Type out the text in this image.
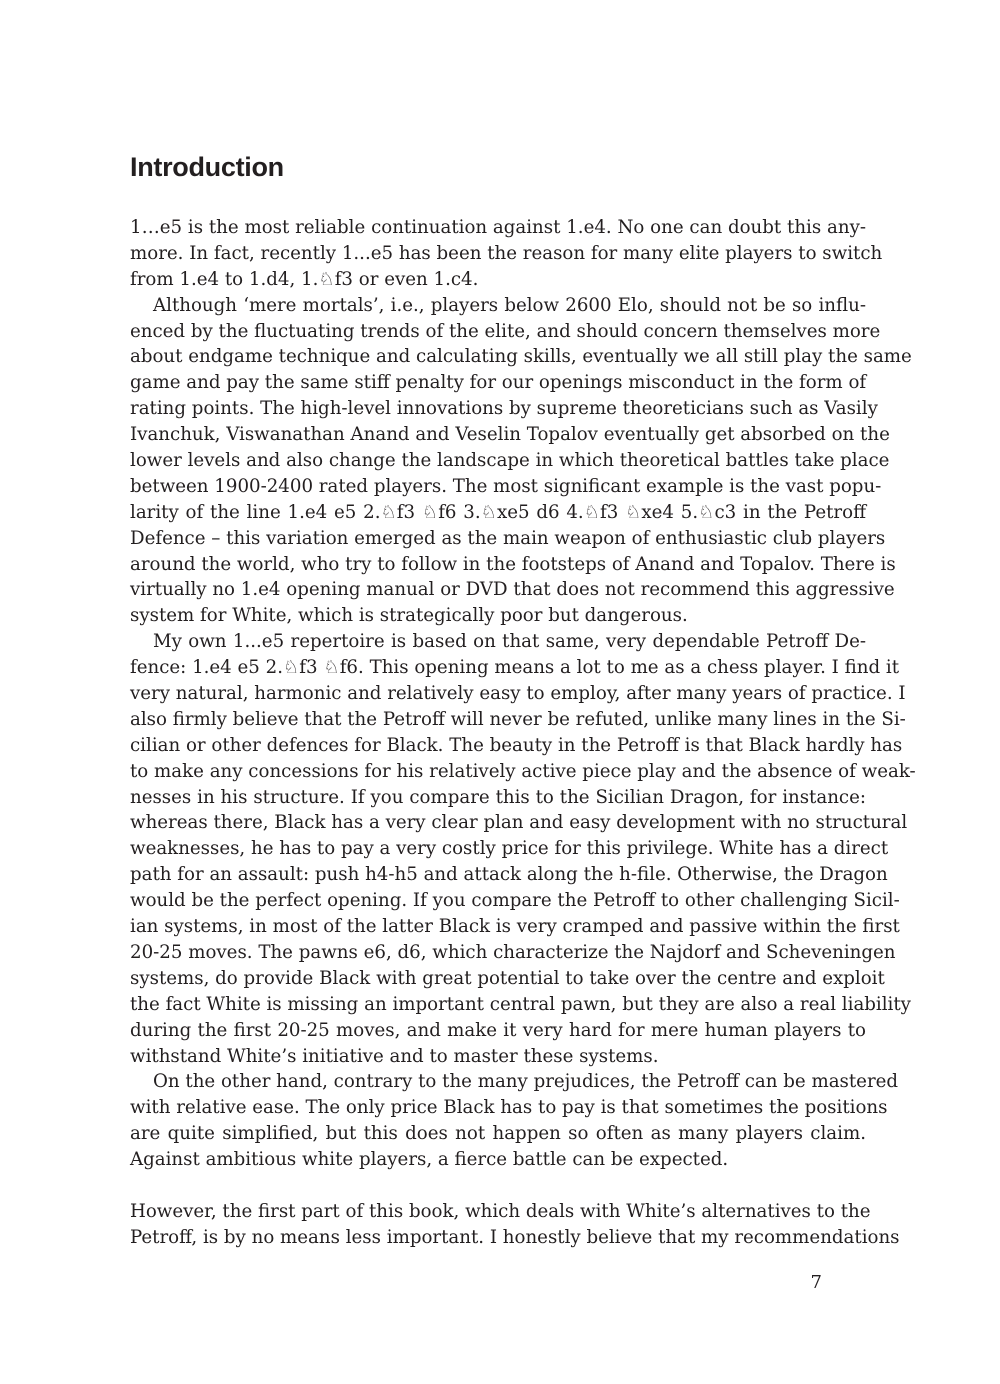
Introduction
1…e5 is the most reliable continuation against 1.e4. No one can doubt this any-
more. In fact, recently 1...e5 has been the reason for many elite players to switch
from 1.e4 to 1.d4, 1.♘f3 or even 1.c4.
Although ‘mere mortals’, i.e., players below 2600 Elo, should not be so influ-
enced by the fluctuating trends of the elite, and should concern themselves more
about endgame technique and calculating skills, eventually we all still play the same
game and pay the same stiff penalty for our openings misconduct in the form of
rating points. The high-level innovations by supreme theoreticians such as Vasily
Ivanchuk, Viswanathan Anand and Veselin Topalov eventually get absorbed on the
lower levels and also change the landscape in which theoretical battles take place
between 1900-2400 rated players. The most significant example is the vast popu-
larity of the line 1.e4 e5 2.♘f3 ♘f6 3.♘xe5 d6 4.♘f3 ♘xe4 5.♘c3 in the Petroff
Defence – this variation emerged as the main weapon of enthusiastic club players
around the world, who try to follow in the footsteps of Anand and Topalov. There is
virtually no 1.e4 opening manual or DVD that does not recommend this aggressive
system for White, which is strategically poor but dangerous.
My own 1...e5 repertoire is based on that same, very dependable Petroff De-
fence: 1.e4 e5 2.♘f3 ♘f6. This opening means a lot to me as a chess player. I find it
very natural, harmonic and relatively easy to employ, after many years of practice. I
also firmly believe that the Petroff will never be refuted, unlike many lines in the Si-
cilian or other defences for Black. The beauty in the Petroff is that Black hardly has
to make any concessions for his relatively active piece play and the absence of weak-
nesses in his structure. If you compare this to the Sicilian Dragon, for instance:
whereas there, Black has a very clear plan and easy development with no structural
weaknesses, he has to pay a very costly price for this privilege. White has a direct
path for an assault: push h4-h5 and attack along the h-file. Otherwise, the Dragon
would be the perfect opening. If you compare the Petroff to other challenging Sicil-
ian systems, in most of the latter Black is very cramped and passive within the first
20-25 moves. The pawns e6, d6, which characterize the Najdorf and Scheveningen
systems, do provide Black with great potential to take over the centre and exploit
the fact White is missing an important central pawn, but they are also a real liability
during the first 20-25 moves, and make it very hard for mere human players to
withstand White’s initiative and to master these systems.
On the other hand, contrary to the many prejudices, the Petroff can be mastered
with relative ease. The only price Black has to pay is that sometimes the positions
are quite simplified, but this does not happen so often as many players claim.
Against ambitious white players, a fierce battle can be expected.
However, the first part of this book, which deals with White’s alternatives to the
Petroff, is by no means less important. I honestly believe that my recommendations
7
